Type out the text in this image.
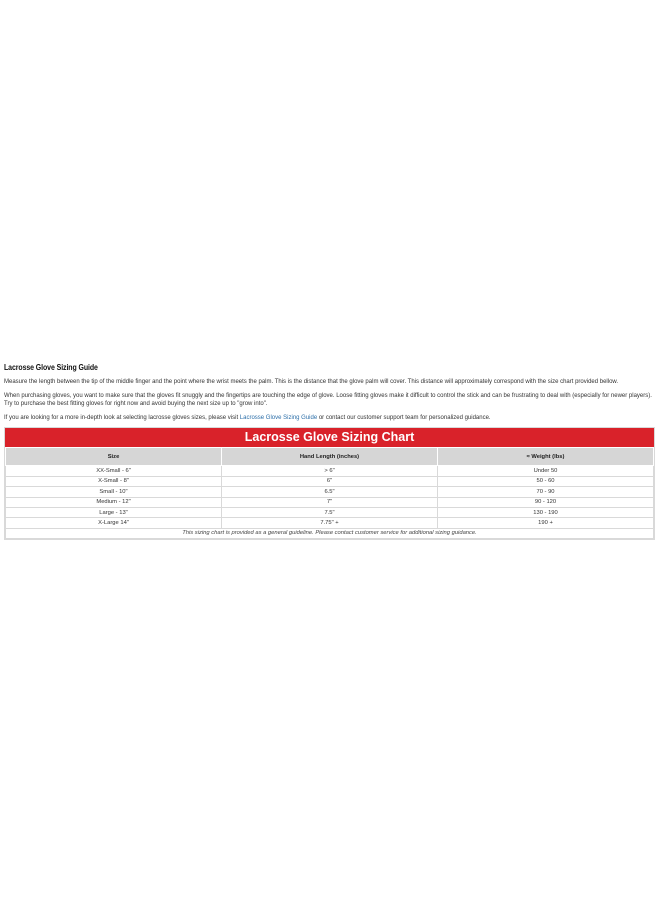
Lacrosse Glove Sizing Guide

Measure the length between the tip of the middle finger and the point where the wrist meets the palm. This is the distance that the glove palm will cover. This distance will approximately correspond with the size chart provided bellow.

When purchasing gloves, you want to make sure that the gloves fit snuggly and the fingertips are touching the edge of glove. Loose fitting gloves make it difficult to control the stick and can be frustrating to deal with (especially for newer players). Try to purchase the best fitting gloves for right now and avoid buying the next size up to "grow into".

If you are looking for a more in-depth look at selecting lacrosse gloves sizes, please visit Lacrosse Glove Sizing Guide or contact our customer support team for personalized guidance.

Lacrosse Glove Sizing Chart
Size	Hand Length (inches)	≈ Weight (lbs)
XX-Small - 6"	> 6"	Under 50
X-Small - 8"	6"	50 - 60
Small - 10"	6.5"	70 - 90
Medium - 12"	7"	90 - 120
Large - 13"	7.5"	130 - 190
X-Large 14"	7.75" +	190 +
This sizing chart is provided as a general guideline. Please contact customer service for additional sizing guidance.		
